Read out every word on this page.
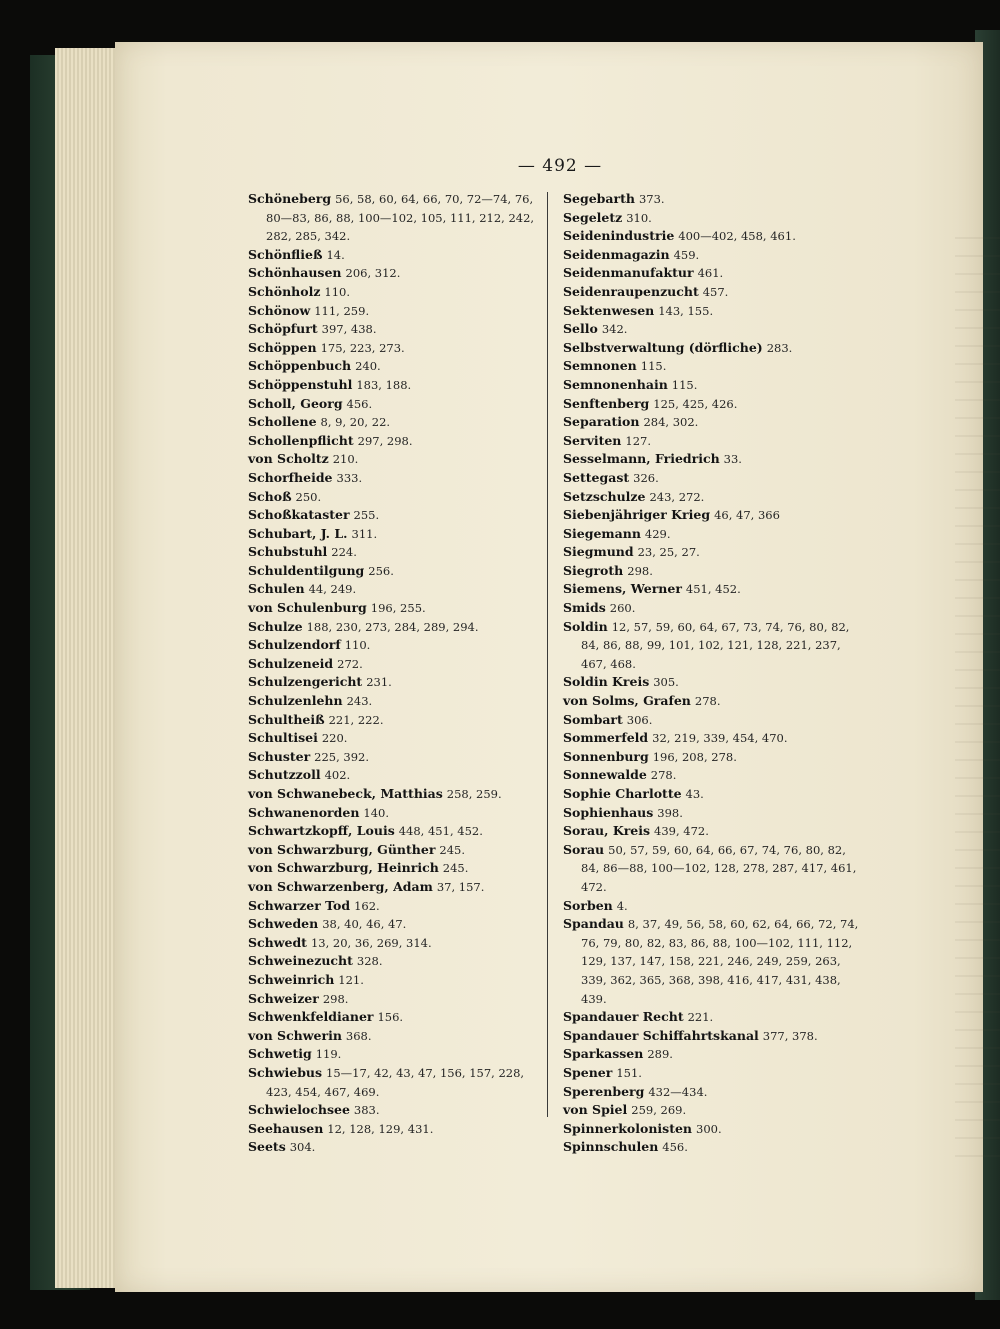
— 492 —
Schöneberg 56, 58, 60, 64, 66, 70, 72—74, 76, 80—83, 86, 88, 100—102, 105, 111, 212, 242, 282, 285, 342.
Schönfließ 14.
Schönhausen 206, 312.
Schönholz 110.
Schönow 111, 259.
Schöpfurt 397, 438.
Schöppen 175, 223, 273.
Schöppenbuch 240.
Schöppenstuhl 183, 188.
Scholl, Georg 456.
Schollene 8, 9, 20, 22.
Schollenpflicht 297, 298.
von Scholtz 210.
Schorfheide 333.
Schoß 250.
Schoßkataster 255.
Schubart, J. L. 311.
Schubstuhl 224.
Schuldentilgung 256.
Schulen 44, 249.
von Schulenburg 196, 255.
Schulze 188, 230, 273, 284, 289, 294.
Schulzendorf 110.
Schulzeneid 272.
Schulzengericht 231.
Schulzenlehn 243.
Schultheiß 221, 222.
Schultisei 220.
Schuster 225, 392.
Schutzzoll 402.
von Schwanebeck, Matthias 258, 259.
Schwanenorden 140.
Schwartzkopff, Louis 448, 451, 452.
von Schwarzburg, Günther 245.
von Schwarzburg, Heinrich 245.
von Schwarzenberg, Adam 37, 157.
Schwarzer Tod 162.
Schweden 38, 40, 46, 47.
Schwedt 13, 20, 36, 269, 314.
Schweinezucht 328.
Schweinrich 121.
Schweizer 298.
Schwenkfeldianer 156.
von Schwerin 368.
Schwetig 119.
Schwiebus 15—17, 42, 43, 47, 156, 157, 228, 423, 454, 467, 469.
Schwielochsee 383.
Seehausen 12, 128, 129, 431.
Seets 304.
Segebarth 373.
Segeletz 310.
Seidenindustrie 400—402, 458, 461.
Seidenmagazin 459.
Seidenmanufaktur 461.
Seidenraupenzucht 457.
Sektenwesen 143, 155.
Sello 342.
Selbstverwaltung (dörfliche) 283.
Semnonen 115.
Semnonenhain 115.
Senftenberg 125, 425, 426.
Separation 284, 302.
Serviten 127.
Sesselmann, Friedrich 33.
Settegast 326.
Setzschulze 243, 272.
Siebenjähriger Krieg 46, 47, 366
Siegemann 429.
Siegmund 23, 25, 27.
Siegroth 298.
Siemens, Werner 451, 452.
Smids 260.
Soldin 12, 57, 59, 60, 64, 67, 73, 74, 76, 80, 82, 84, 86, 88, 99, 101, 102, 121, 128, 221, 237, 467, 468.
Soldin Kreis 305.
von Solms, Grafen 278.
Sombart 306.
Sommerfeld 32, 219, 339, 454, 470.
Sonnenburg 196, 208, 278.
Sonnewalde 278.
Sophie Charlotte 43.
Sophienhaus 398.
Sorau, Kreis 439, 472.
Sorau 50, 57, 59, 60, 64, 66, 67, 74, 76, 80, 82, 84, 86—88, 100—102, 128, 278, 287, 417, 461, 472.
Sorben 4.
Spandau 8, 37, 49, 56, 58, 60, 62, 64, 66, 72, 74, 76, 79, 80, 82, 83, 86, 88, 100—102, 111, 112, 129, 137, 147, 158, 221, 246, 249, 259, 263, 339, 362, 365, 368, 398, 416, 417, 431, 438, 439.
Spandauer Recht 221.
Spandauer Schiffahrtskanal 377, 378.
Sparkassen 289.
Spener 151.
Sperenberg 432—434.
von Spiel 259, 269.
Spinnerkolonisten 300.
Spinnschulen 456.
